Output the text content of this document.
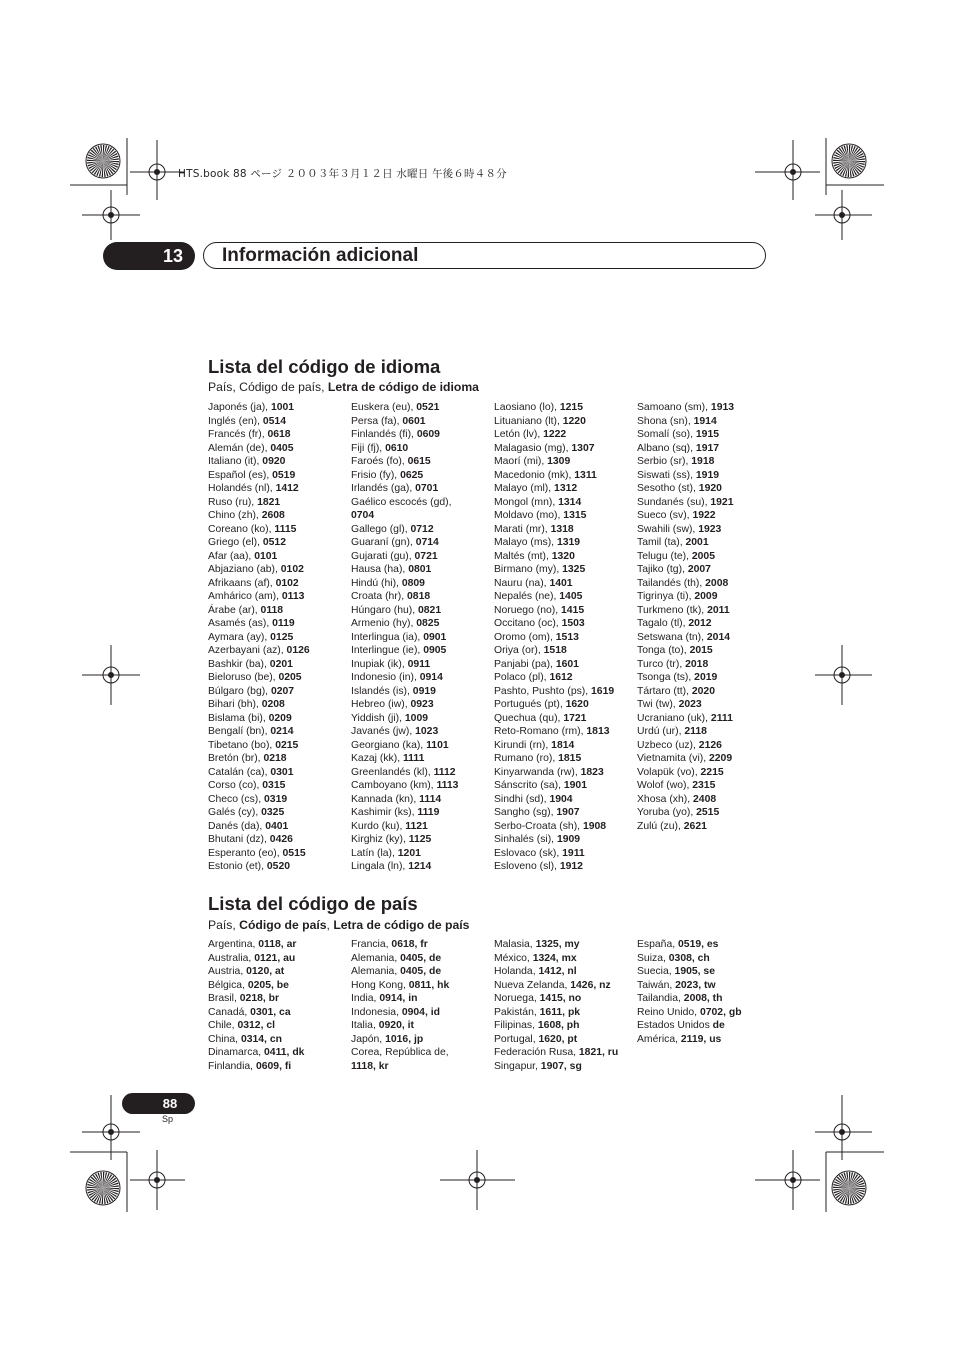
HTS.book 88 ページ ２００３年３月１２日 水曜日 午後６時４８分
13	Información adicional
Lista del código de idioma
País, Código de país, Letra de código de idioma
Japonés (ja), 1001
Inglés (en), 0514
Francés (fr), 0618
Alemán (de), 0405
Italiano (it), 0920
Español (es), 0519
Holandés (nl), 1412
Ruso (ru), 1821
Chino (zh), 2608
Coreano (ko), 1115
Griego (el), 0512
Afar (aa), 0101
Abjaziano (ab), 0102
Afrikaans (af), 0102
Amhárico (am), 0113
Árabe (ar), 0118
Asamés (as), 0119
Aymara (ay), 0125
Azerbayani (az), 0126
Bashkir (ba), 0201
Bieloruso (be), 0205
Búlgaro (bg), 0207
Bihari (bh), 0208
Bislama (bi), 0209
Bengalí (bn), 0214
Tibetano (bo), 0215
Bretón (br), 0218
Catalán (ca), 0301
Corso (co), 0315
Checo (cs), 0319
Galés (cy), 0325
Danés (da), 0401
Bhutani (dz), 0426
Esperanto (eo), 0515
Estonio (et), 0520
Euskera (eu), 0521
Persa (fa), 0601
Finlandés (fi), 0609
Fiji (fj), 0610
Faroés (fo), 0615
Frisio (fy), 0625
Irlandés (ga), 0701
Gaélico escocés (gd),
0704
Gallego (gl), 0712
Guaraní (gn), 0714
Gujarati (gu), 0721
Hausa (ha), 0801
Hindú (hi), 0809
Croata (hr), 0818
Húngaro (hu), 0821
Armenio (hy), 0825
Interlingua (ia), 0901
Interlingue (ie), 0905
Inupiak (ik), 0911
Indonesio (in), 0914
Islandés (is), 0919
Hebreo (iw), 0923
Yiddish (ji), 1009
Javanés (jw), 1023
Georgiano (ka), 1101
Kazaj (kk), 1111
Greenlandés (kl), 1112
Camboyano (km), 1113
Kannada (kn), 1114
Kashimir (ks), 1119
Kurdo (ku), 1121
Kirghiz (ky), 1125
Latín (la), 1201
Lingala (ln), 1214
Laosiano (lo), 1215
Lituaniano (lt), 1220
Letón (lv), 1222
Malagasio (mg), 1307
Maorí (mi), 1309
Macedonio (mk), 1311
Malayo (ml), 1312
Mongol (mn), 1314
Moldavo (mo), 1315
Marati (mr), 1318
Malayo (ms), 1319
Maltés (mt), 1320
Birmano (my), 1325
Nauru (na), 1401
Nepalés (ne), 1405
Noruego (no), 1415
Occitano (oc), 1503
Oromo (om), 1513
Oriya (or), 1518
Panjabi (pa), 1601
Polaco (pl), 1612
Pashto, Pushto (ps), 1619
Portugués (pt), 1620
Quechua (qu), 1721
Reto-Romano (rm), 1813
Kirundi (rn), 1814
Rumano (ro), 1815
Kinyarwanda (rw), 1823
Sánscrito (sa), 1901
Sindhi (sd), 1904
Sangho (sg), 1907
Serbo-Croata (sh), 1908
Sinhalés (si), 1909
Eslovaco (sk), 1911
Esloveno (sl), 1912
Samoano (sm), 1913
Shona (sn), 1914
Somalí (so), 1915
Albano (sq), 1917
Serbio (sr), 1918
Siswati (ss), 1919
Sesotho (st), 1920
Sundanés (su), 1921
Sueco (sv), 1922
Swahili (sw), 1923
Tamil (ta), 2001
Telugu (te), 2005
Tajiko (tg), 2007
Tailandés (th), 2008
Tigrinya (ti), 2009
Turkmeno (tk), 2011
Tagalo (tl), 2012
Setswana (tn), 2014
Tonga (to), 2015
Turco (tr), 2018
Tsonga (ts), 2019
Tártaro (tt), 2020
Twi (tw), 2023
Ucraniano (uk), 2111
Urdú (ur), 2118
Uzbeco (uz), 2126
Vietnamita (vi), 2209
Volapük (vo), 2215
Wolof (wo), 2315
Xhosa (xh), 2408
Yoruba (yo), 2515
Zulú (zu), 2621
Lista del código de país
País, Código de país, Letra de código de país
Argentina, 0118, ar
Australia, 0121, au
Austria, 0120, at
Bélgica, 0205, be
Brasil, 0218, br
Canadá, 0301, ca
Chile, 0312, cl
China, 0314, cn
Dinamarca, 0411, dk
Finlandia, 0609, fi
Francia, 0618, fr
Alemania, 0405, de
Alemania, 0405, de
Hong Kong, 0811, hk
India, 0914, in
Indonesia, 0904, id
Italia, 0920, it
Japón, 1016, jp
Corea, República de,
1118, kr
Malasia, 1325, my
México, 1324, mx
Holanda, 1412, nl
Nueva Zelanda, 1426, nz
Noruega, 1415, no
Pakistán, 1611, pk
Filipinas, 1608, ph
Portugal, 1620, pt
Federación Rusa, 1821, ru
Singapur, 1907, sg
España, 0519, es
Suiza, 0308, ch
Suecia, 1905, se
Taiwán, 2023, tw
Tailandia, 2008, th
Reino Unido, 0702, gb
Estados Unidos de
América, 2119, us
88
Sp
